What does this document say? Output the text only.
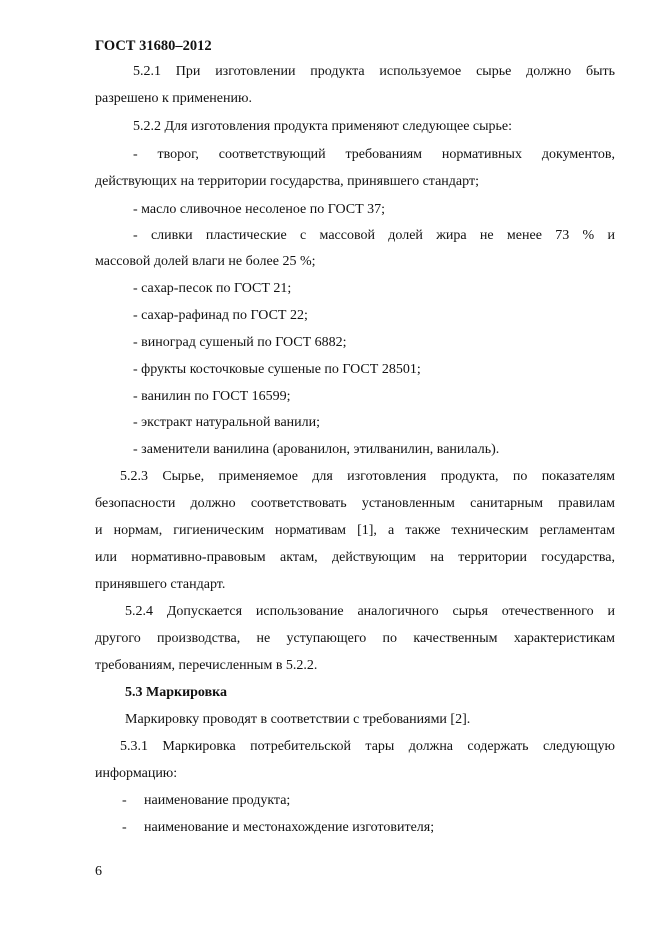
ГОСТ 31680–2012
5.2.1 При изготовлении продукта используемое сырье должно быть
разрешено к применению.
5.2.2 Для изготовления продукта применяют следующее сырье:
- творог, соответствующий требованиям нормативных документов,
действующих на территории государства, принявшего стандарт;
- масло сливочное несоленое по ГОСТ 37;
- сливки пластические с массовой долей жира не менее 73 % и
массовой долей влаги не более 25 %;
- сахар-песок по ГОСТ 21;
- сахар-рафинад по ГОСТ 22;
- виноград сушеный по ГОСТ 6882;
- фрукты косточковые сушеные по ГОСТ 28501;
- ванилин по ГОСТ 16599;
- экстракт натуральной ванили;
- заменители ванилина (арованилон, этилванилин, ванилаль).
5.2.3 Сырье, применяемое для изготовления продукта, по показателям
безопасности должно соответствовать установленным санитарным правилам
и нормам, гигиеническим нормативам [1], а также техническим регламентам
или нормативно-правовым актам, действующим на территории государства,
принявшего стандарт.
5.2.4 Допускается использование аналогичного сырья отечественного и
другого производства, не уступающего по качественным характеристикам
требованиям, перечисленным в 5.2.2.
5.3 Маркировка
Маркировку проводят в соответствии с требованиями [2].
5.3.1 Маркировка потребительской тары должна содержать следующую
информацию:
- наименование продукта;
- наименование и местонахождение изготовителя;
6
